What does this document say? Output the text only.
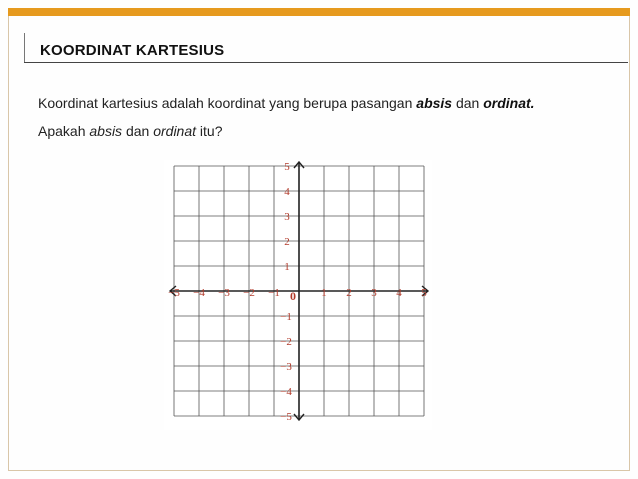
KOORDINAT KARTESIUS
Koordinat kartesius adalah koordinat yang berupa pasangan absis dan ordinat.
Apakah absis dan ordinat itu?
−5 −4 −3 −2 −1	1 2 3 4 5
0
5
4
3
2
1
−1
−2
−3
−4
−5
